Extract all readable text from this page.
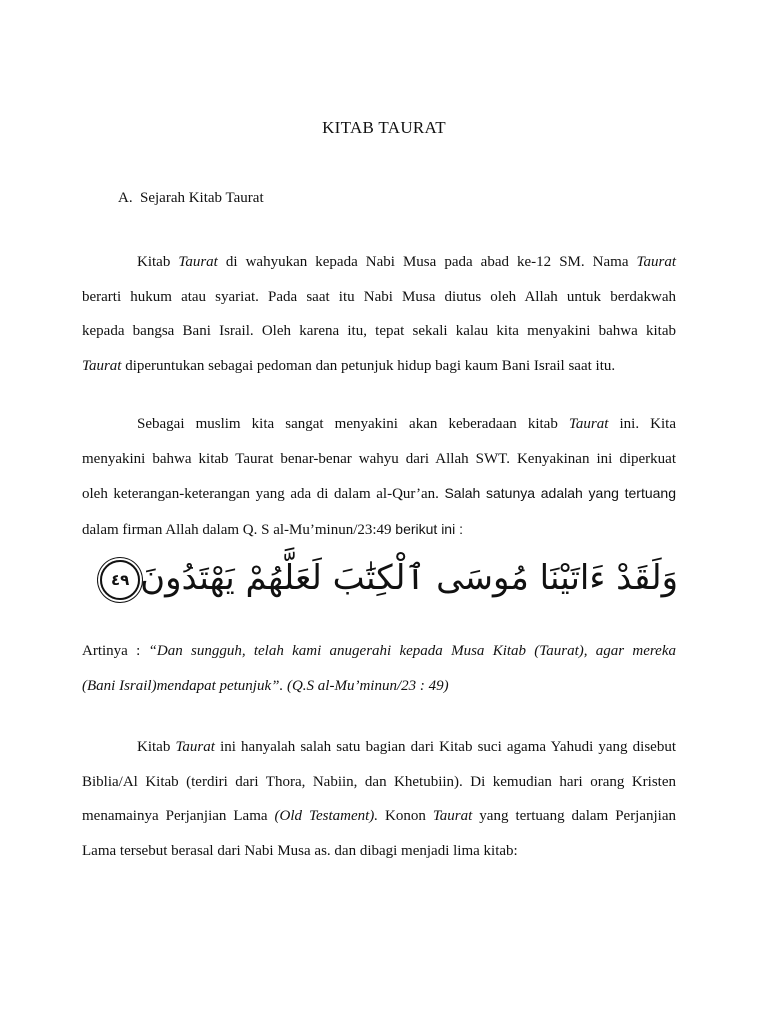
KITAB TAURAT
A. Sejarah Kitab Taurat
Kitab Taurat di wahyukan kepada Nabi Musa pada abad ke-12 SM. Nama Taurat
berarti hukum atau syariat. Pada saat itu Nabi Musa diutus oleh Allah untuk berdakwah
kepada bangsa Bani Israil. Oleh karena itu, tepat sekali kalau kita menyakini bahwa kitab
Taurat diperuntukan sebagai pedoman dan petunjuk hidup bagi kaum Bani Israil saat itu.
Sebagai muslim kita sangat menyakini akan keberadaan kitab Taurat ini. Kita
menyakini bahwa kitab Taurat benar-benar wahyu dari Allah SWT. Kenyakinan ini diperkuat
oleh keterangan-keterangan yang ada di dalam al-Qur’an. Salah satunya adalah yang tertuang
dalam firman Allah dalam Q. S al-Mu’minun/23:49 berikut ini :
وَلَقَدْ ءَاتَيْنَا مُوسَى ٱلْكِتَٰبَ لَعَلَّهُمْ يَهْتَدُونَ٤٩
Artinya : “Dan sungguh, telah kami anugerahi kepada Musa Kitab (Taurat), agar mereka
(Bani Israil)mendapat petunjuk”. (Q.S al-Mu’minun/23 : 49)
Kitab Taurat ini hanyalah salah satu bagian dari Kitab suci agama Yahudi yang disebut
Biblia/Al Kitab (terdiri dari Thora, Nabiin, dan Khetubiin). Di kemudian hari orang Kristen
menamainya Perjanjian Lama (Old Testament). Konon Taurat yang tertuang dalam Perjanjian
Lama tersebut berasal dari Nabi Musa as. dan dibagi menjadi lima kitab:
